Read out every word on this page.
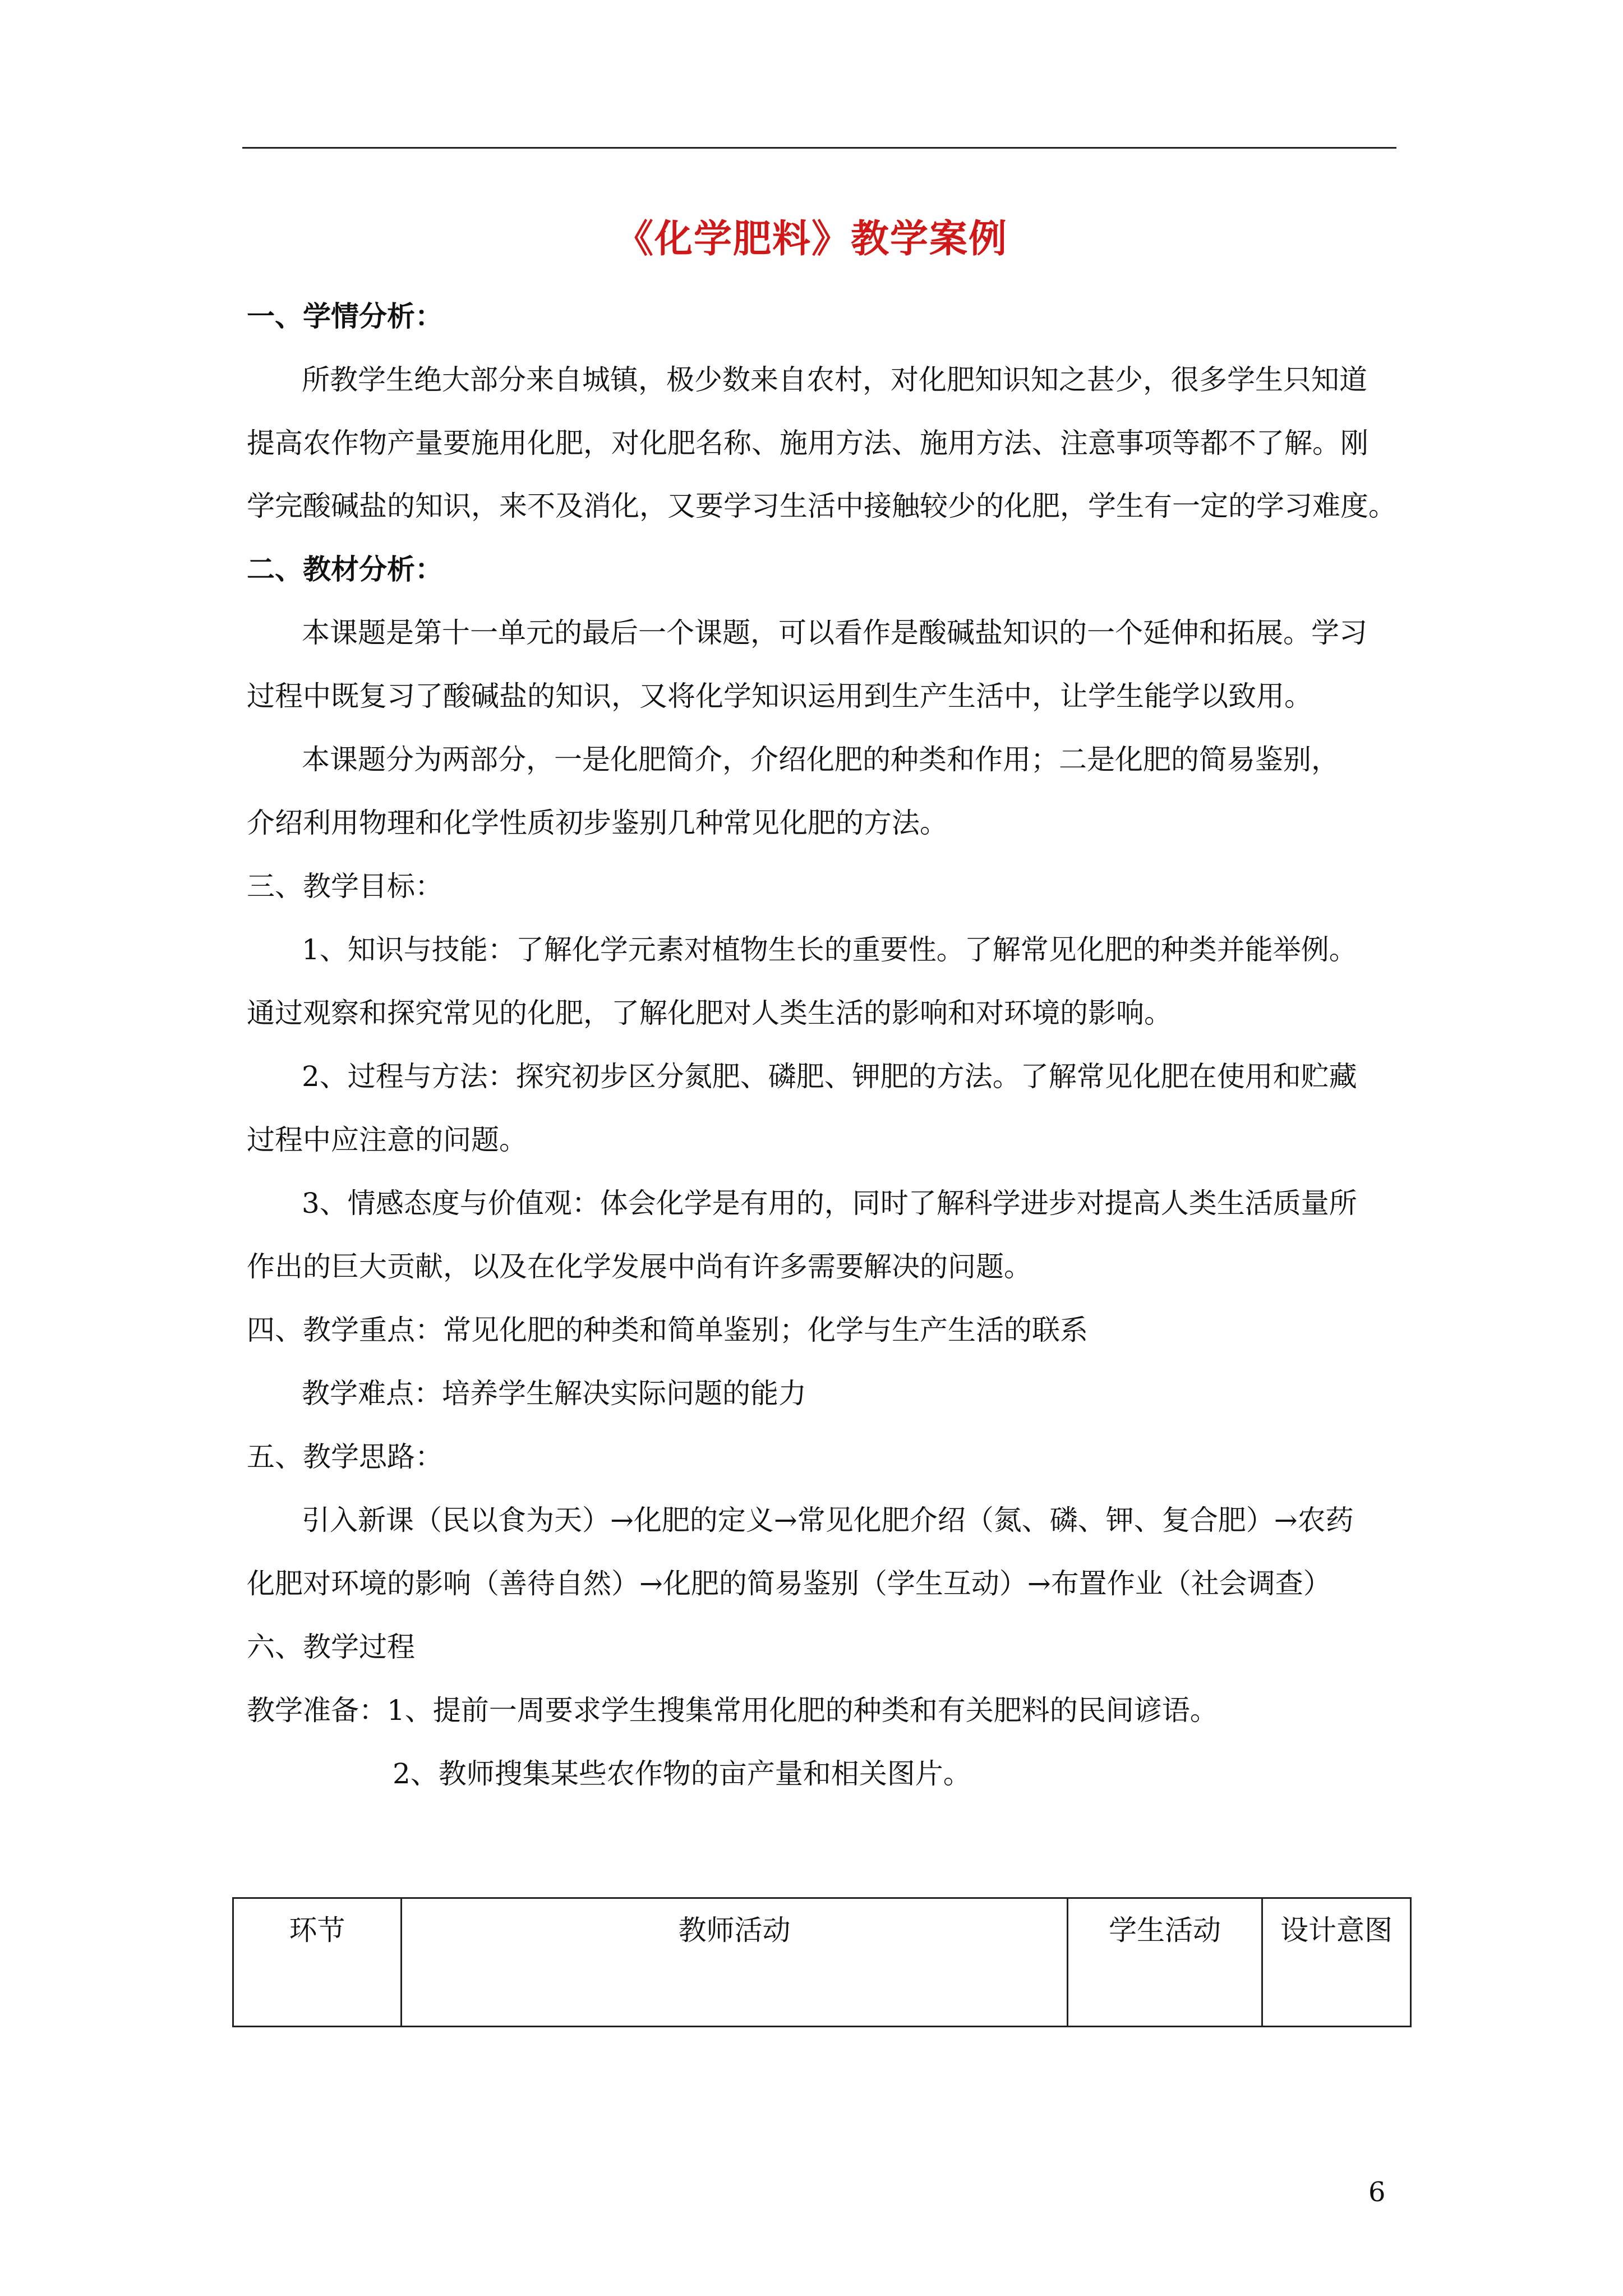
《化学肥料》教学案例
一、学情分析：
所教学生绝大部分来自城镇，极少数来自农村，对化肥知识知之甚少，很多学生只知道
提高农作物产量要施用化肥，对化肥名称、施用方法、施用方法、注意事项等都不了解。刚
学完酸碱盐的知识，来不及消化，又要学习生活中接触较少的化肥，学生有一定的学习难度。
二、教材分析：
本课题是第十一单元的最后一个课题，可以看作是酸碱盐知识的一个延伸和拓展。学习
过程中既复习了酸碱盐的知识，又将化学知识运用到生产生活中，让学生能学以致用。
本课题分为两部分，一是化肥简介，介绍化肥的种类和作用；二是化肥的简易鉴别，
介绍利用物理和化学性质初步鉴别几种常见化肥的方法。
三、教学目标：
1、知识与技能：了解化学元素对植物生长的重要性。了解常见化肥的种类并能举例。
通过观察和探究常见的化肥，了解化肥对人类生活的影响和对环境的影响。
2、过程与方法：探究初步区分氮肥、磷肥、钾肥的方法。了解常见化肥在使用和贮藏
过程中应注意的问题。
3、情感态度与价值观：体会化学是有用的，同时了解科学进步对提高人类生活质量所
作出的巨大贡献，以及在化学发展中尚有许多需要解决的问题。
四、教学重点：常见化肥的种类和简单鉴别；化学与生产生活的联系
教学难点：培养学生解决实际问题的能力
五、教学思路：
引入新课（民以食为天）→化肥的定义→常见化肥介绍（氮、磷、钾、复合肥）→农药
化肥对环境的影响（善待自然）→化肥的简易鉴别（学生互动）→布置作业（社会调查）
六、教学过程
教学准备：1、提前一周要求学生搜集常用化肥的种类和有关肥料的民间谚语。
2、教师搜集某些农作物的亩产量和相关图片。
环节	教师活动	学生活动	设计意图
6
